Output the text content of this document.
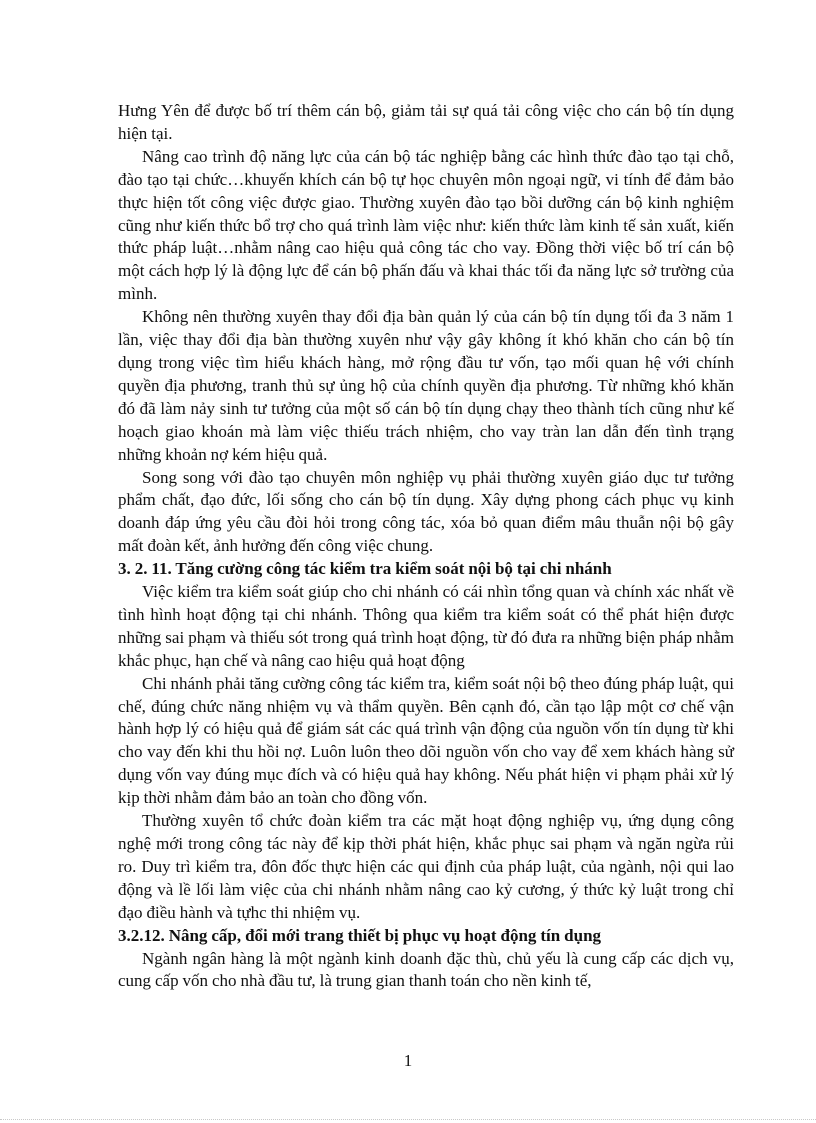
Hưng Yên để được bố trí thêm cán bộ, giảm tải sự quá tải công việc cho cán bộ tín dụng hiện tại.

Nâng cao trình độ năng lực của cán bộ tác nghiệp bằng các hình thức đào tạo tại chỗ, đào tạo tại chức…khuyến khích cán bộ tự học chuyên môn ngoại ngữ, vi tính để đảm bảo thực hiện tốt công việc được giao. Thường xuyên đào tạo bồi dưỡng cán bộ kinh nghiệm cũng như kiến thức bổ trợ cho quá trình làm việc như: kiến thức làm kinh tế sản xuất, kiến thức pháp luật…nhằm nâng cao hiệu quả công tác cho vay. Đồng thời việc bố trí cán bộ một cách hợp lý là động lực để cán bộ phấn đấu và khai thác tối đa năng lực sở trường của mình.

Không nên thường xuyên thay đổi địa bàn quản lý của cán bộ tín dụng tối đa 3 năm 1 lần, việc thay đổi địa bàn thường xuyên như vậy gây không ít khó khăn cho cán bộ tín dụng trong việc tìm hiểu khách hàng, mở rộng đầu tư vốn, tạo mối quan hệ với chính quyền địa phương, tranh thủ sự ủng hộ của chính quyền địa phương. Từ những khó khăn đó đã làm nảy sinh tư tưởng của một số cán bộ tín dụng chạy theo thành tích cũng như kế hoạch giao khoán mà làm việc thiếu trách nhiệm, cho vay tràn lan dẫn đến tình trạng những khoản nợ kém hiệu quả.

Song song với đào tạo chuyên môn nghiệp vụ phải thường xuyên giáo dục tư tưởng phẩm chất, đạo đức, lối sống cho cán bộ tín dụng. Xây dựng phong cách phục vụ kinh doanh đáp ứng yêu cầu đòi hỏi trong công tác, xóa bỏ quan điểm mâu thuẫn nội bộ gây mất đoàn kết, ảnh hưởng đến công việc chung.

3. 2. 11. Tăng cường công tác kiểm tra kiểm soát nội bộ tại chi nhánh

Việc kiểm tra kiểm soát giúp cho chi nhánh có cái nhìn tổng quan và chính xác nhất về tình hình hoạt động tại chi nhánh. Thông qua kiểm tra kiểm soát có thể phát hiện được những sai phạm và thiếu sót trong quá trình hoạt động, từ đó đưa ra những biện pháp nhằm khắc phục, hạn chế và nâng cao hiệu quả hoạt động

Chi nhánh phải tăng cường công tác kiểm tra, kiểm soát nội bộ theo đúng pháp luật, qui chế, đúng chức năng nhiệm vụ và thẩm quyền. Bên cạnh đó, cần tạo lập một cơ chế vận hành hợp lý có hiệu quả để giám sát các quá trình vận động của nguồn vốn tín dụng từ khi cho vay đến khi thu hồi nợ. Luôn luôn theo dõi nguồn vốn cho vay để xem khách hàng sử dụng vốn vay đúng mục đích và có hiệu quả hay không. Nếu phát hiện vi phạm phải xử lý kịp thời nhằm đảm bảo an toàn cho đồng vốn.

Thường xuyên tổ chức đoàn kiểm tra các mặt hoạt động nghiệp vụ, ứng dụng công nghệ mới trong công tác này để kịp thời phát hiện, khắc phục sai phạm và ngăn ngừa rủi ro. Duy trì kiểm tra, đôn đốc thực hiện các qui định của pháp luật, của ngành, nội qui lao động và lề lối làm việc của chi nhánh nhằm nâng cao kỷ cương, ý thức kỷ luật trong chỉ đạo điều hành và tựhc thi nhiệm vụ.

3.2.12. Nâng cấp, đổi mới trang thiết bị phục vụ hoạt động tín dụng

Ngành ngân hàng là một ngành kinh doanh đặc thù, chủ yếu là cung cấp các dịch vụ, cung cấp vốn cho nhà đầu tư, là trung gian thanh toán cho nền kinh tế,

1
